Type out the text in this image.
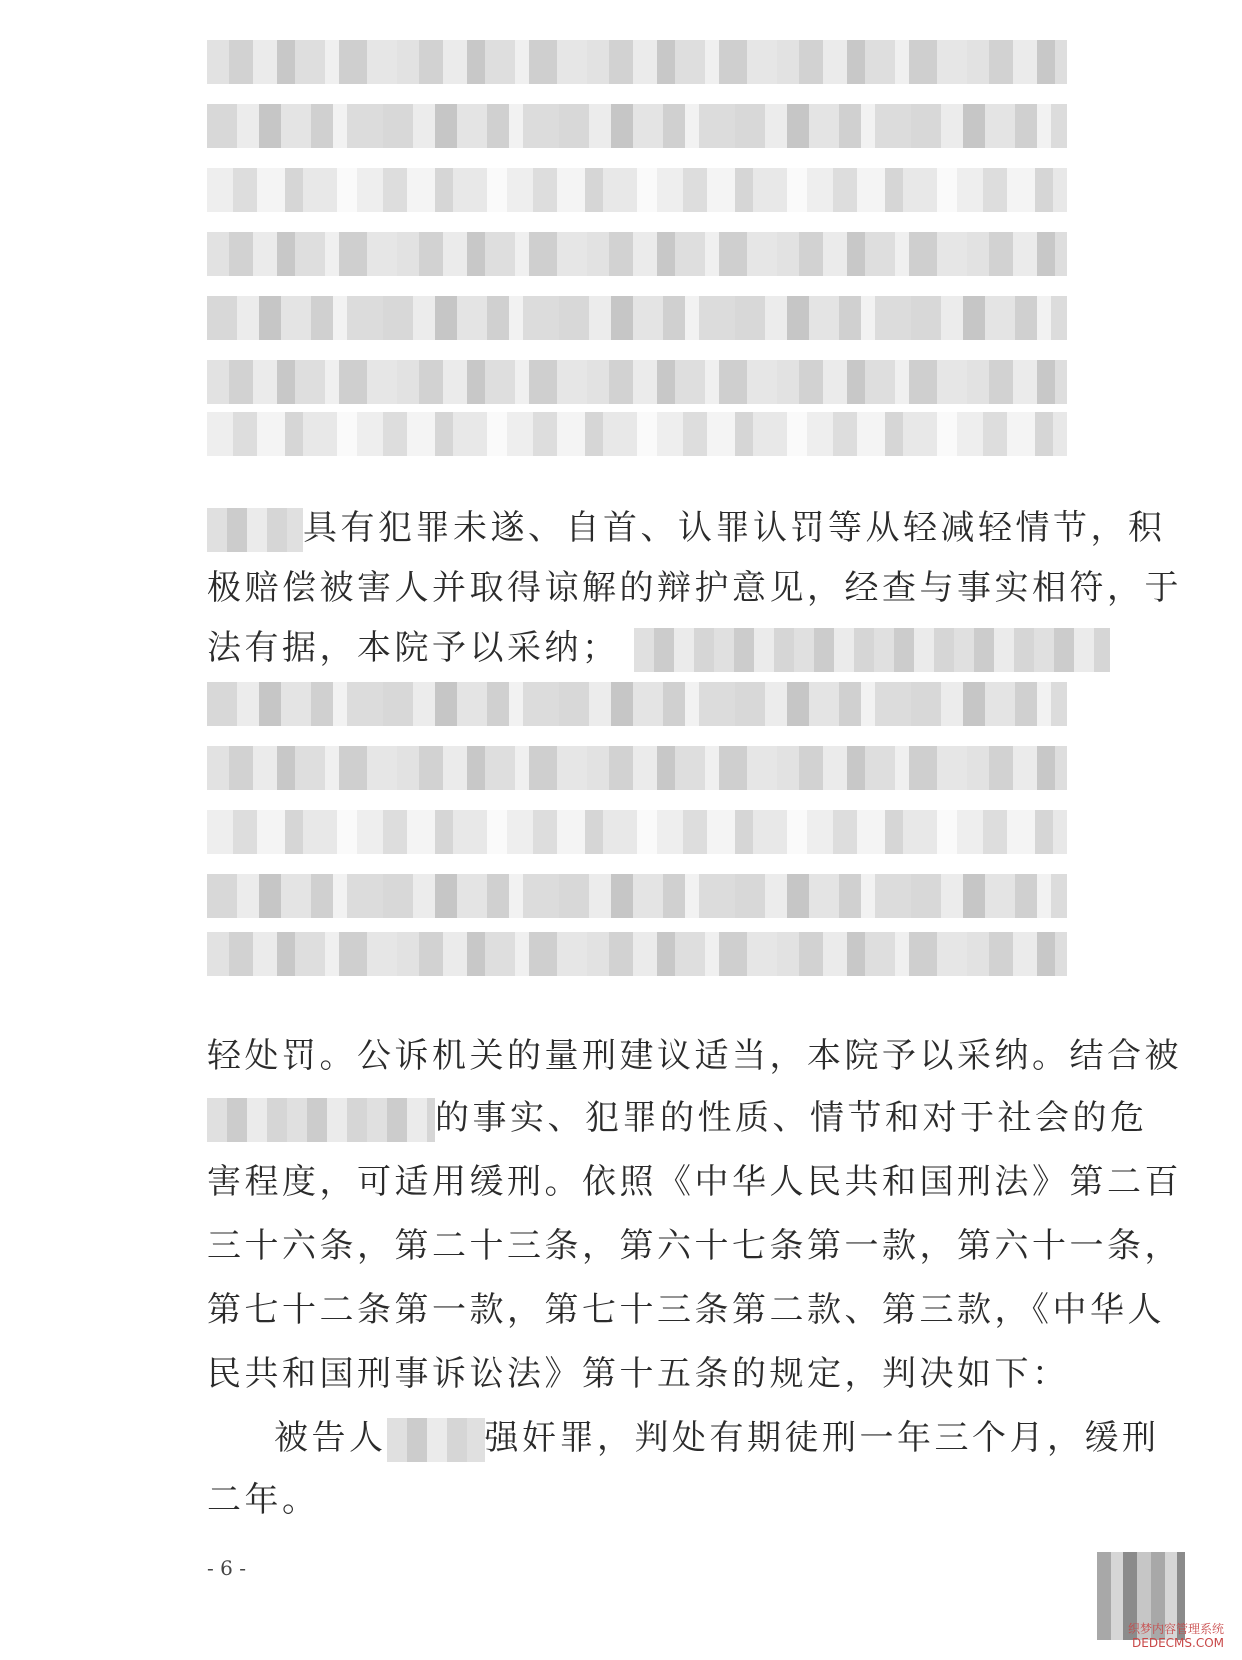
具有犯罪未遂、自首、认罪认罚等从轻减轻情节，积
极赔偿被害人并取得谅解的辩护意见，经查与事实相符，于
法有据，本院予以采纳；
轻处罚。公诉机关的量刑建议适当，本院予以采纳。结合被
的事实、犯罪的性质、情节和对于社会的危
害程度，可适用缓刑。依照《中华人民共和国刑法》第二百
三十六条，第二十三条，第六十七条第一款，第六十一条，
第七十二条第一款，第七十三条第二款、第三款，《中华人
民共和国刑事诉讼法》第十五条的规定，判决如下：
被告人	强奸罪，判处有期徒刑一年三个月，缓刑
二年。
- 6 -
织梦内容管理系统
DEDECMS.COM
